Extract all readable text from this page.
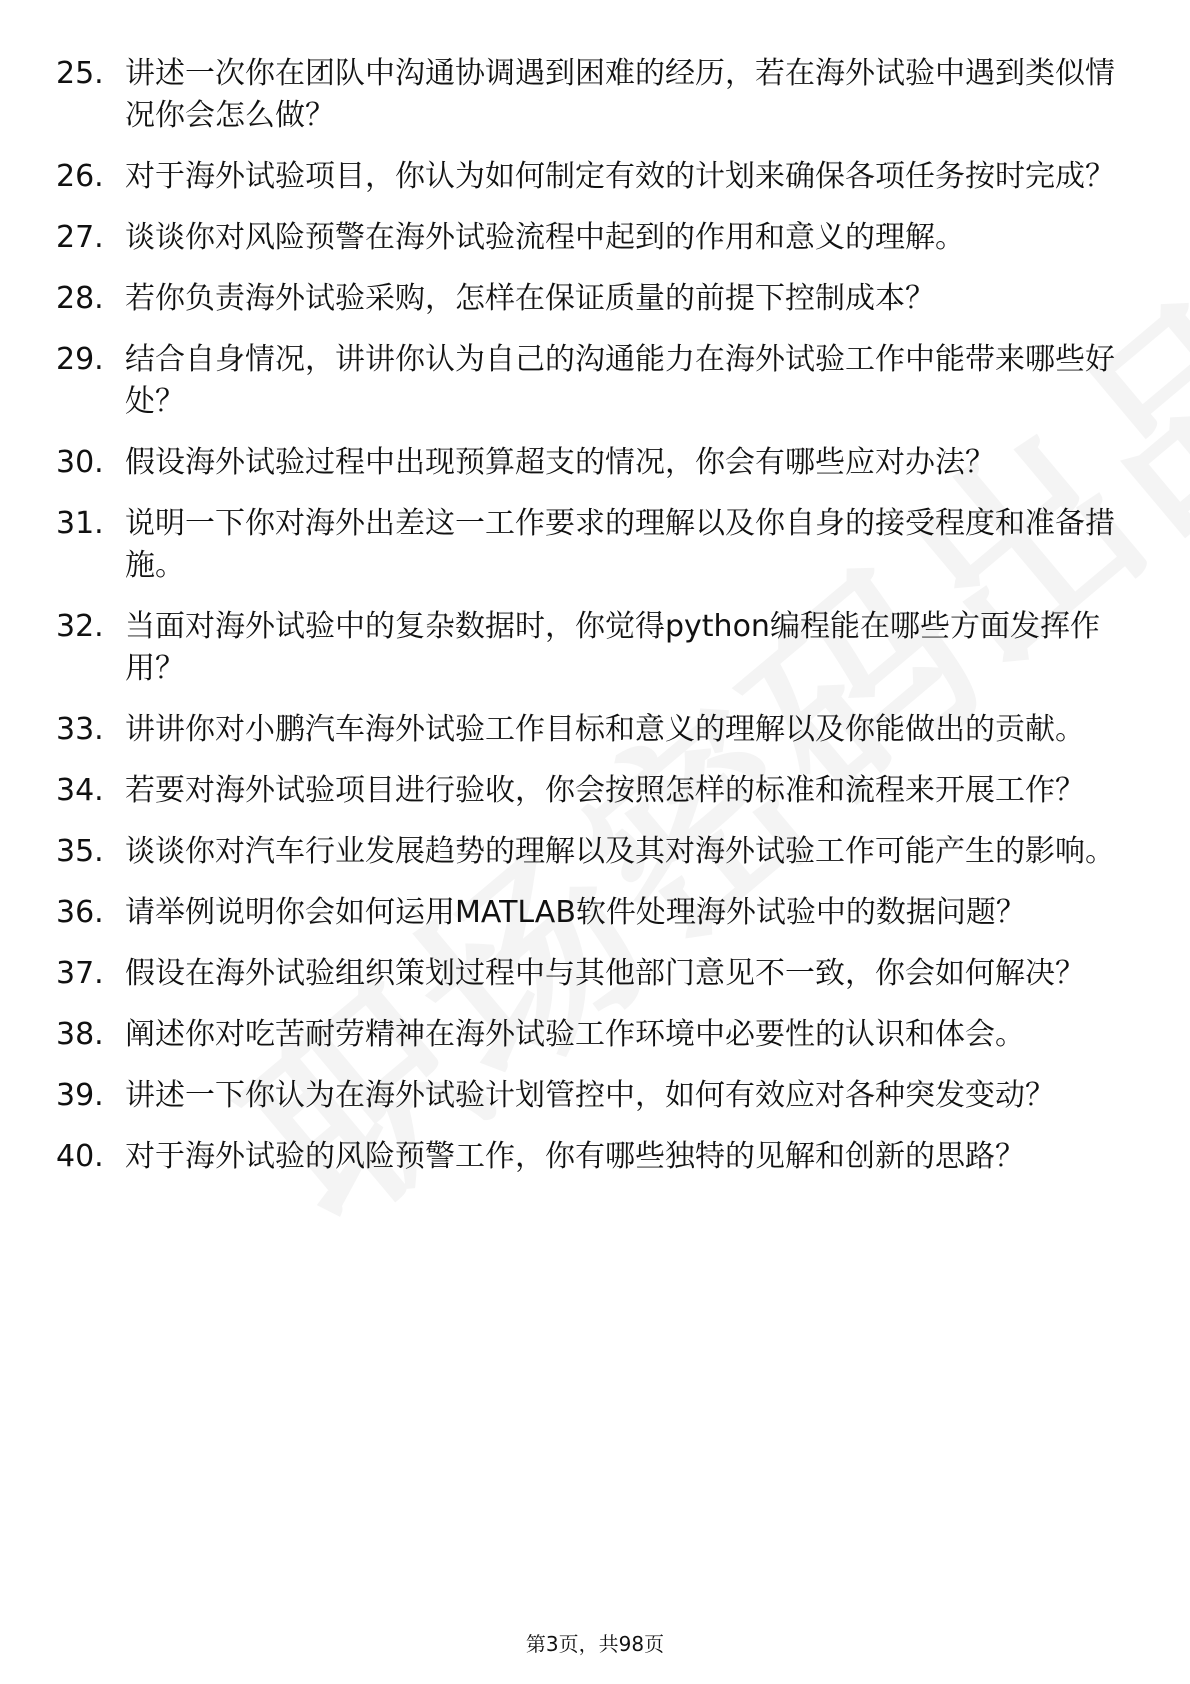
25. 讲述一次你在团队中沟通协调遇到困难的经历，若在海外试验中遇到类似情况你会怎么做？
26. 对于海外试验项目，你认为如何制定有效的计划来确保各项任务按时完成？
27. 谈谈你对风险预警在海外试验流程中起到的作用和意义的理解。
28. 若你负责海外试验采购，怎样在保证质量的前提下控制成本？
29. 结合自身情况，讲讲你认为自己的沟通能力在海外试验工作中能带来哪些好处？
30. 假设海外试验过程中出现预算超支的情况，你会有哪些应对办法？
31. 说明一下你对海外出差这一工作要求的理解以及你自身的接受程度和准备措施。
32. 当面对海外试验中的复杂数据时，你觉得python编程能在哪些方面发挥作用？
33. 讲讲你对小鹏汽车海外试验工作目标和意义的理解以及你能做出的贡献。
34. 若要对海外试验项目进行验收，你会按照怎样的标准和流程来开展工作？
35. 谈谈你对汽车行业发展趋势的理解以及其对海外试验工作可能产生的影响。
36. 请举例说明你会如何运用MATLAB软件处理海外试验中的数据问题？
37. 假设在海外试验组织策划过程中与其他部门意见不一致，你会如何解决？
38. 阐述你对吃苦耐劳精神在海外试验工作环境中必要性的认识和体会。
39. 讲述一下你认为在海外试验计划管控中，如何有效应对各种突发变动？
40. 对于海外试验的风险预警工作，你有哪些独特的见解和创新的思路？
第3页，共98页
